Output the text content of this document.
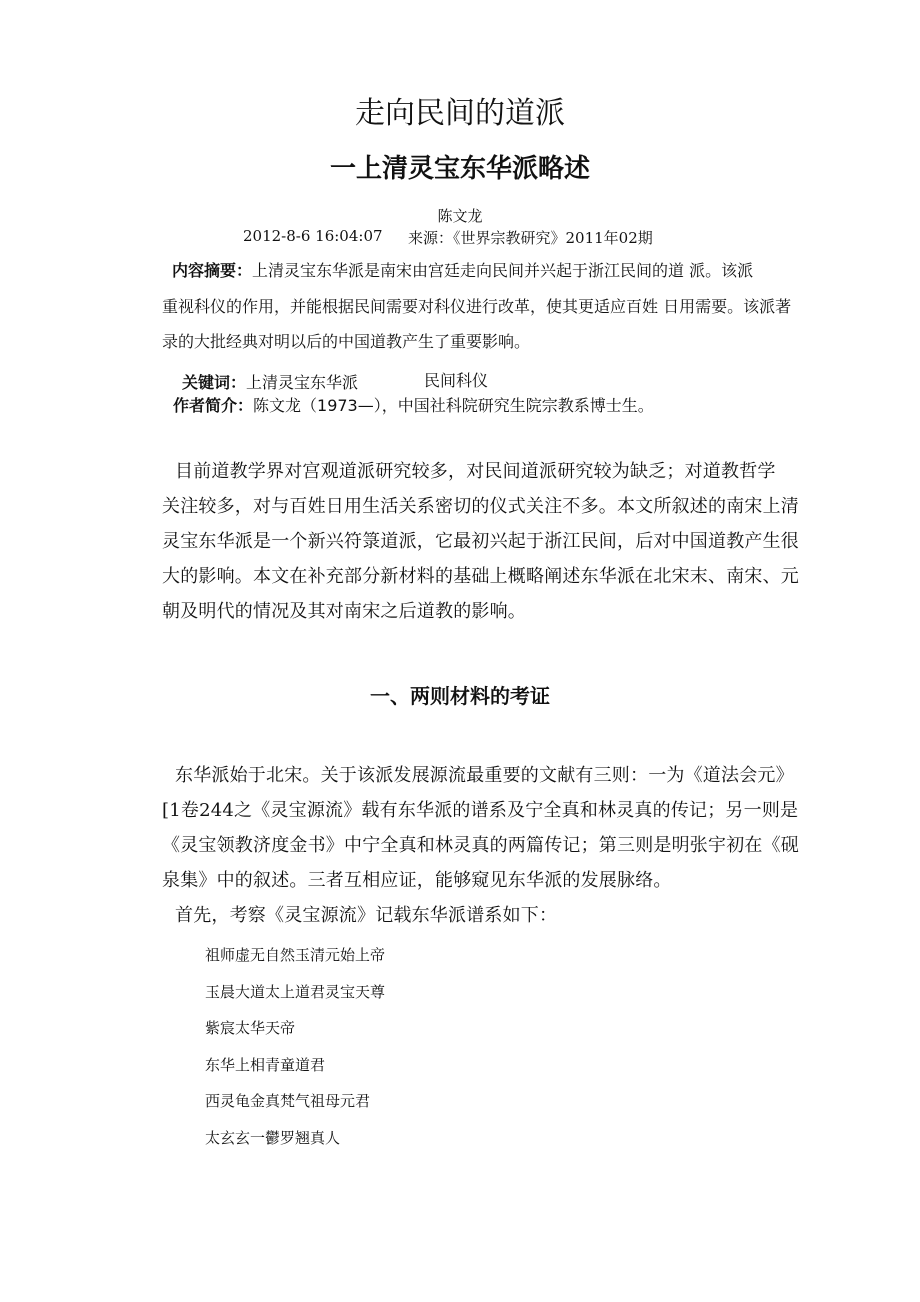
走向民间的道派
一上清灵宝东华派略述
陈文龙
2012-8-6 16:04:07 来源：《世界宗教研究》2011年02期
内容摘要：上清灵宝东华派是南宋由宫廷走向民间并兴起于浙江民间的道 派。该派
重视科仪的作用，并能根据民间需要对科仪进行改革，使其更适应百姓 日用需要。该派著
录的大批经典对明以后的中国道教产生了重要影响。
关键词：上清灵宝东华派	民间科仪
作者简介：陈文龙（1973—），中国社科院研究生院宗教系博士生。
目前道教学界对宫观道派研究较多，对民间道派研究较为缺乏；对道教哲学
关注较多，对与百姓日用生活关系密切的仪式关注不多。本文所叙述的南宋上清
灵宝东华派是一个新兴符箓道派，它最初兴起于浙江民间，后对中国道教产生很
大的影响。本文在补充部分新材料的基础上概略阐述东华派在北宋末、南宋、元
朝及明代的情况及其对南宋之后道教的影响。
一、两则材料的考证
东华派始于北宋。关于该派发展源流最重要的文献有三则：一为《道法会元》
[1卷244之《灵宝源流》载有东华派的谱系及宁全真和林灵真的传记；另一则是
《灵宝领教济度金书》中宁全真和林灵真的两篇传记；第三则是明张宇初在《砚
泉集》中的叙述。三者互相应证，能够窥见东华派的发展脉络。
首先，考察《灵宝源流》记载东华派谱系如下：
祖师虚无自然玉清元始上帝
玉晨大道太上道君灵宝天尊
紫宸太华天帝
东华上相青童道君
西灵龟金真梵气祖母元君
太玄玄一鬱罗翘真人
